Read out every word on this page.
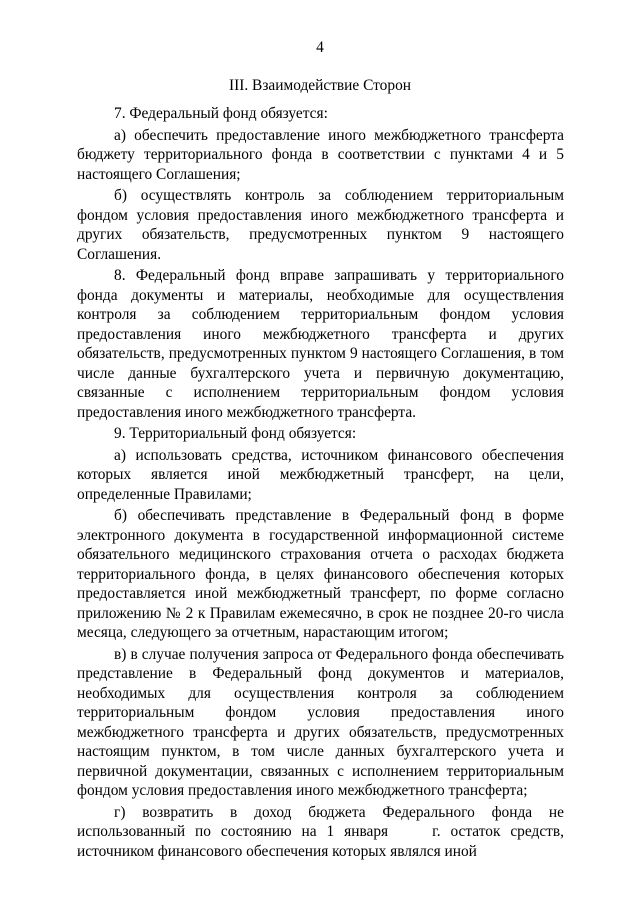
4
III. Взаимодействие Сторон

7. Федеральный фонд обязуется:

а) обеспечить предоставление иного межбюджетного трансферта бюджету территориального фонда в соответствии с пунктами 4 и 5 настоящего Соглашения;

б) осуществлять контроль за соблюдением территориальным фондом условия предоставления иного межбюджетного трансферта и других обязательств, предусмотренных пунктом 9 настоящего Соглашения.

8. Федеральный фонд вправе запрашивать у территориального фонда документы и материалы, необходимые для осуществления контроля за соблюдением территориальным фондом условия предоставления иного межбюджетного трансферта и других обязательств, предусмотренных пунктом 9 настоящего Соглашения, в том числе данные бухгалтерского учета и первичную документацию, связанные с исполнением территориальным фондом условия предоставления иного межбюджетного трансферта.

9. Территориальный фонд обязуется:

а) использовать средства, источником финансового обеспечения которых является иной межбюджетный трансферт, на цели, определенные Правилами;

б) обеспечивать представление в Федеральный фонд в форме электронного документа в государственной информационной системе обязательного медицинского страхования отчета о расходах бюджета территориального фонда, в целях финансового обеспечения которых предоставляется иной межбюджетный трансферт, по форме согласно приложению № 2 к Правилам ежемесячно, в срок не позднее 20-го числа месяца, следующего за отчетным, нарастающим итогом;

в) в случае получения запроса от Федерального фонда обеспечивать представление в Федеральный фонд документов и материалов, необходимых для осуществления контроля за соблюдением территориальным фондом условия предоставления иного межбюджетного трансферта и других обязательств, предусмотренных настоящим пунктом, в том числе данных бухгалтерского учета и первичной документации, связанных с исполнением территориальным фондом условия предоставления иного межбюджетного трансферта;

г) возвратить в доход бюджета Федерального фонда не использованный по состоянию на 1 января	г. остаток средств, источником финансового обеспечения которых являлся иной
